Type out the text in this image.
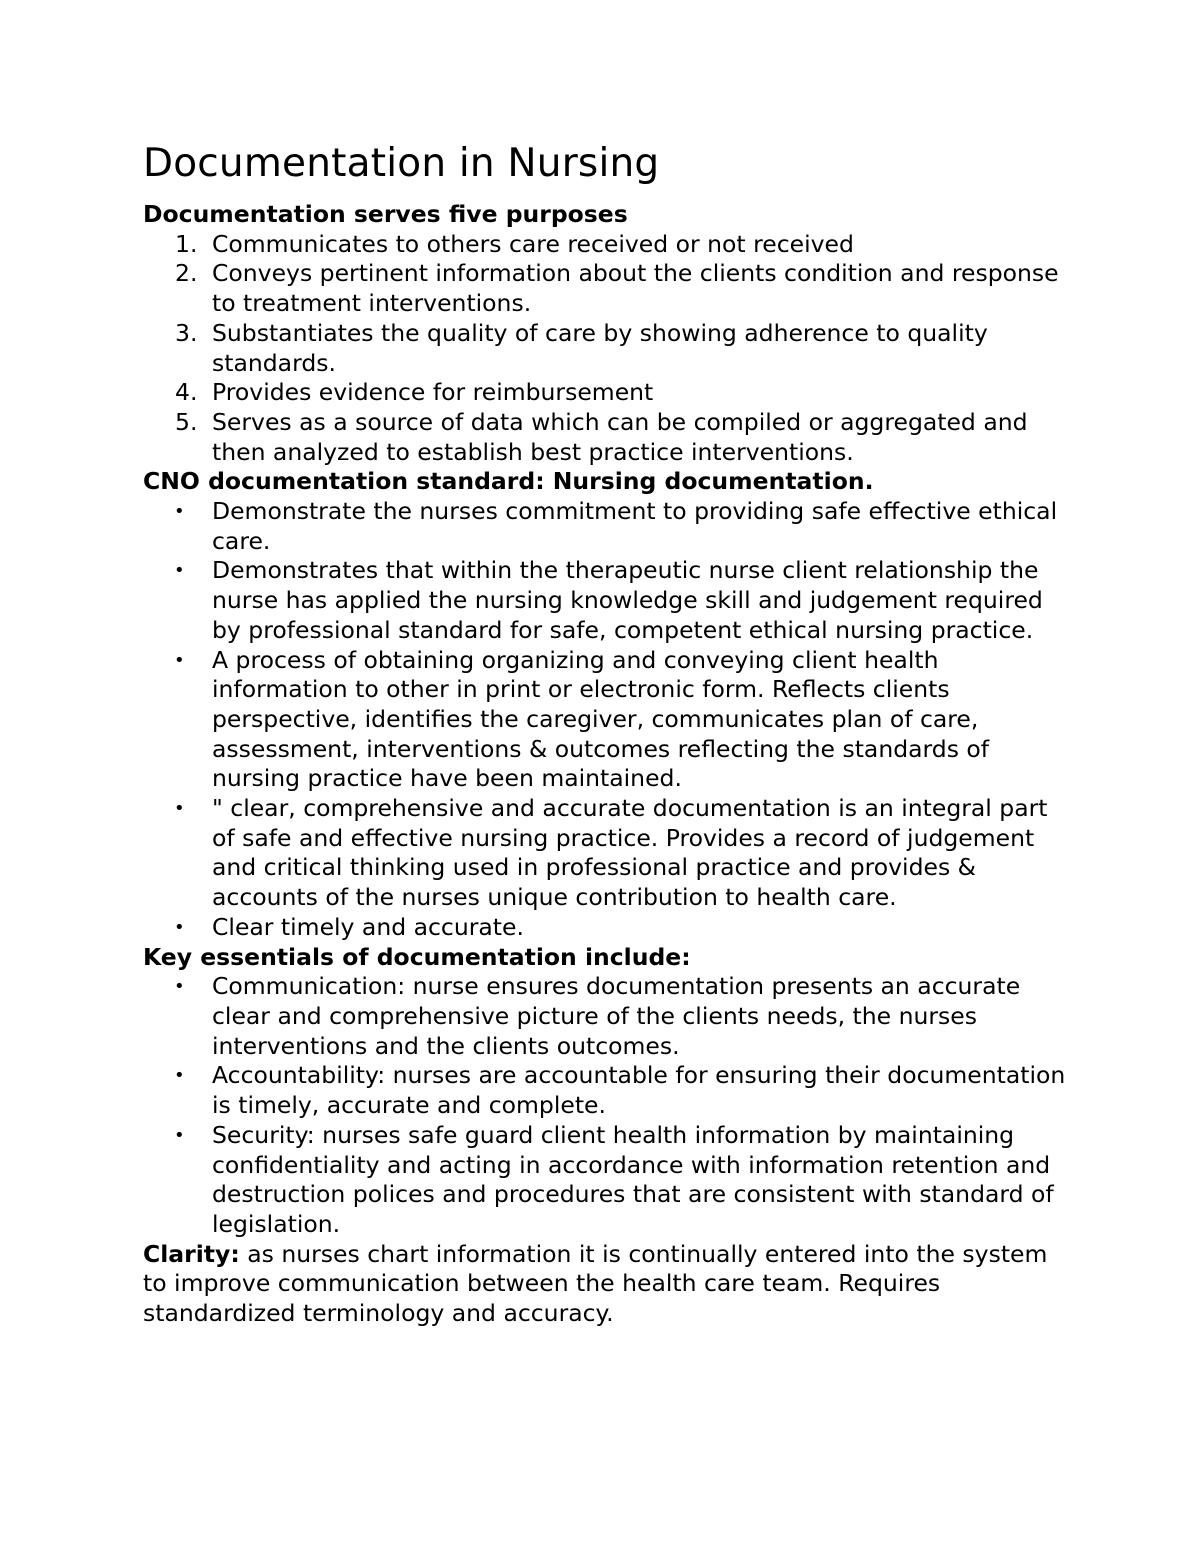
Documentation in Nursing
Documentation serves five purposes
1. Communicates to others care received or not received
2. Conveys pertinent information about the clients condition and response to treatment interventions.
3. Substantiates the quality of care by showing adherence to quality standards.
4. Provides evidence for reimbursement
5. Serves as a source of data which can be compiled or aggregated and then analyzed to establish best practice interventions.
CNO documentation standard: Nursing documentation.
• Demonstrate the nurses commitment to providing safe effective ethical care.
• Demonstrates that within the therapeutic nurse client relationship the nurse has applied the nursing knowledge skill and judgement required by professional standard for safe, competent ethical nursing practice.
• A process of obtaining organizing and conveying client health information to other in print or electronic form. Reflects clients perspective, identifies the caregiver, communicates plan of care, assessment, interventions & outcomes reflecting the standards of nursing practice have been maintained.
• " clear, comprehensive and accurate documentation is an integral part of safe and effective nursing practice. Provides a record of judgement and critical thinking used in professional practice and provides & accounts of the nurses unique contribution to health care.
• Clear timely and accurate.
Key essentials of documentation include:
• Communication: nurse ensures documentation presents an accurate clear and comprehensive picture of the clients needs, the nurses interventions and the clients outcomes.
• Accountability: nurses are accountable for ensuring their documentation is timely, accurate and complete.
• Security: nurses safe guard client health information by maintaining confidentiality and acting in accordance with information retention and destruction polices and procedures that are consistent with standard of legislation.

Clarity: as nurses chart information it is continually entered into the system to improve communication between the health care team. Requires standardized terminology and accuracy.
